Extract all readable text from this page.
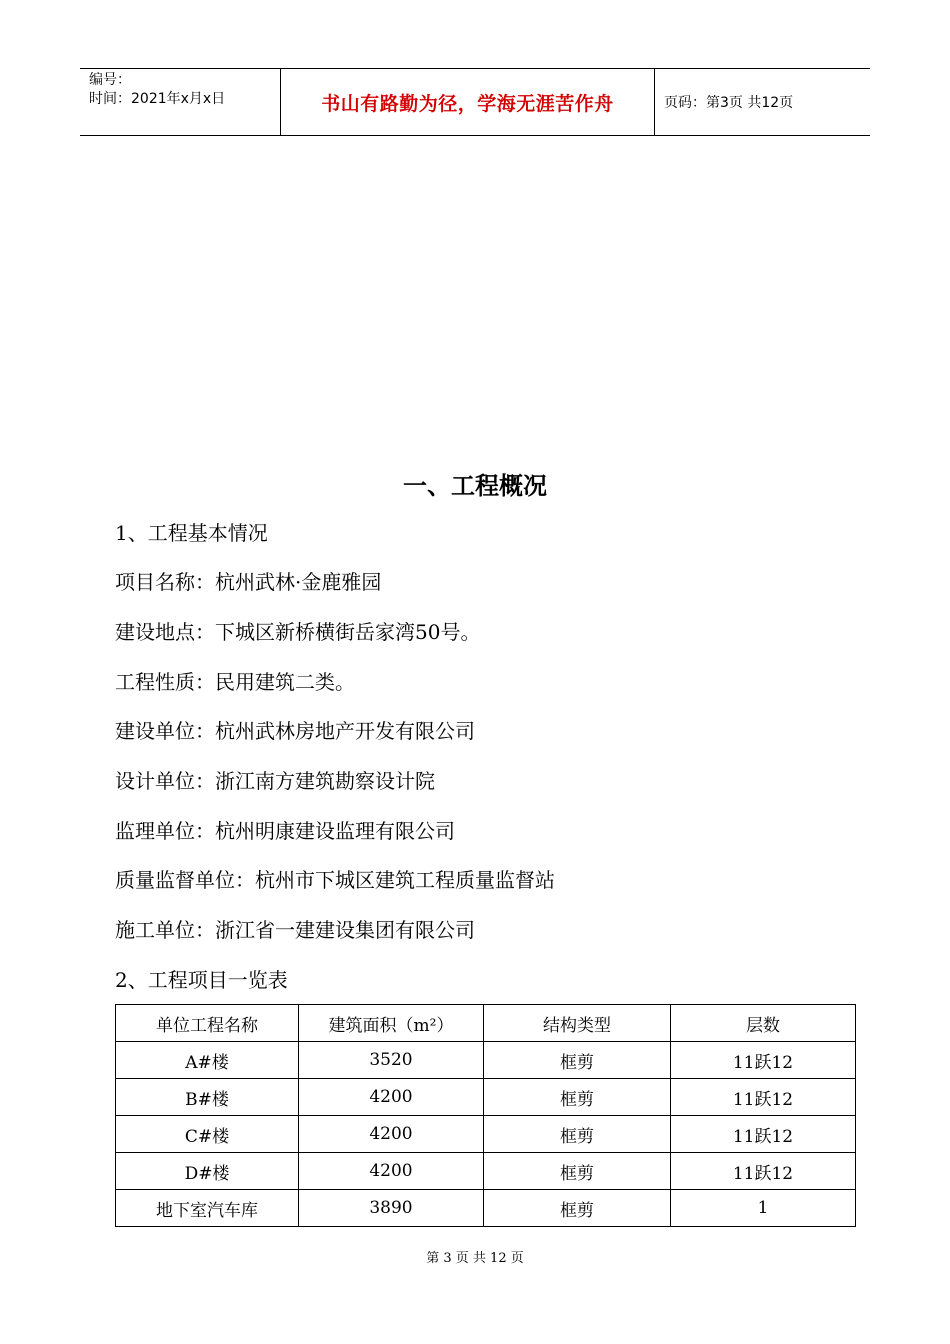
编号：
时间：2021年x月x日	书山有路勤为径，学海无涯苦作舟	页码：第3页 共12页
一、工程概况
1、工程基本情况
项目名称：杭州武林·金鹿雅园
建设地点：下城区新桥横街岳家湾50号。
工程性质：民用建筑二类。
建设单位：杭州武林房地产开发有限公司
设计单位：浙江南方建筑勘察设计院
监理单位：杭州明康建设监理有限公司
质量监督单位：杭州市下城区建筑工程质量监督站
施工单位：浙江省一建建设集团有限公司
2、工程项目一览表
单位工程名称	建筑面积（m²）	结构类型	层数
A#楼	3520	框剪	11跃12
B#楼	4200	框剪	11跃12
C#楼	4200	框剪	11跃12
D#楼	4200	框剪	11跃12
地下室汽车库	3890	框剪	1
第 3 页 共 12 页
